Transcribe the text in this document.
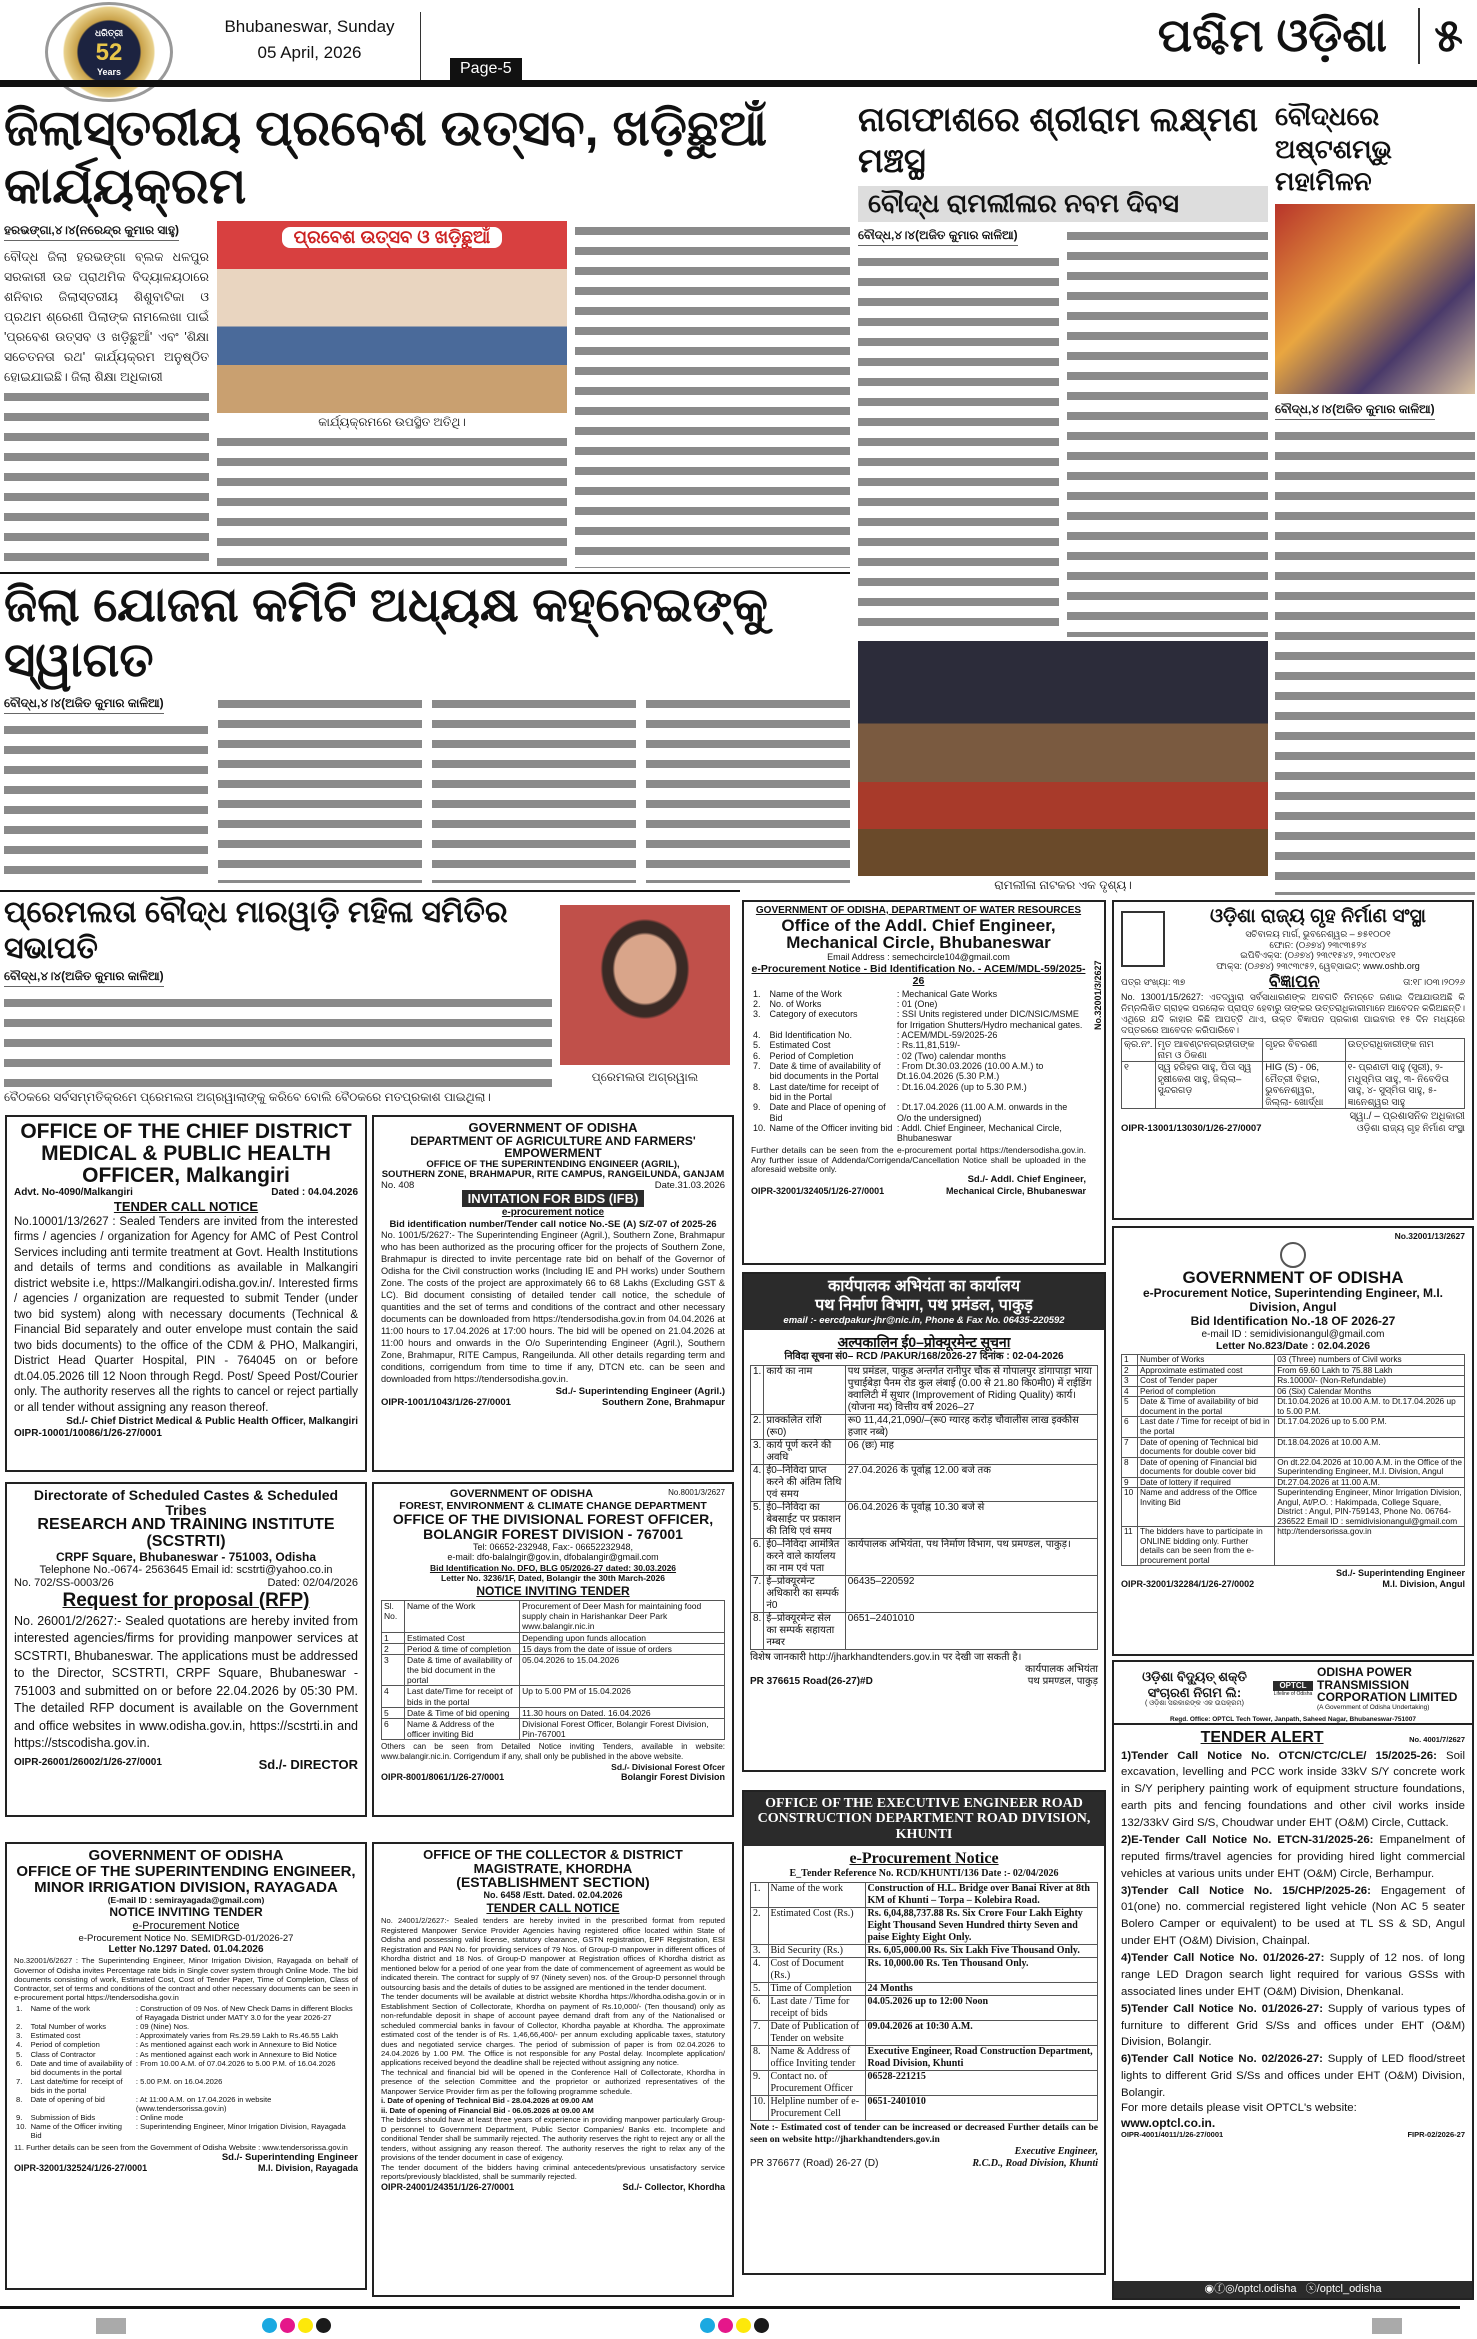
ଧରିତ୍ରୀ
52
Years
Bhubaneswar, Sunday
05 April, 2026
Page-5
ପଶ୍ଚିମ ଓଡ଼ିଶା	୫
ଜିଲାସ୍ତରୀୟ ପ୍ରବେଶ ଉତ୍ସବ, ଖଡ଼ିଛୁଆଁ କାର୍ଯ୍ୟକ୍ରମ
ହରଭଙ୍ଗା,୪।୪(ନରେନ୍ଦ୍ର କୁମାର ସାହୁ)
ବୌଦ୍ଧ ଜିଲା ହରଭଙ୍ଗା ବ୍ଲକ ଧଳପୁର ସରକାରୀ ଉଚ୍ଚ ପ୍ରାଥମିକ ବିଦ୍ୟାଳୟଠାରେ ଶନିବାର ଜିଲାସ୍ତରୀୟ ଶିଶୁବାଟିକା ଓ ପ୍ରଥମ ଶ୍ରେଣୀ ପିଲାଙ୍କ ନାମଲେଖା ପାଇଁ 'ପ୍ରବେଶ ଉତ୍ସବ ଓ ଖଡ଼ିଛୁଆଁ' ଏବଂ 'ଶିକ୍ଷା ସଚେତନତା ରଥ' କାର୍ଯ୍ୟକ୍ରମ ଅନୁଷ୍ଠିତ ହୋଇଯାଇଛି। ଜିଲା ଶିକ୍ଷା ଅଧିକାରୀ
ପ୍ରବେଶ ଉତ୍ସବ ଓ ଖଡ଼ିଛୁଆଁ
କାର୍ଯ୍ୟକ୍ରମରେ ଉପସ୍ଥିତ ଅତିଥି।
ନାଗଫାଶରେ ଶ୍ରୀରାମ ଲକ୍ଷ୍ମଣ ମଞ୍ଚସ୍ଥ
ବୌଦ୍ଧ ରାମଲୀଳାର ନବମ ଦିବସ
ବୌଦ୍ଧ,୪।୪(ଅଜିତ କୁମାର କାଳିଆ)
ରାମଲୀଳା ନାଟକର ଏକ ଦୃଶ୍ୟ।
ବୌଦ୍ଧରେ ଅଷ୍ଟଶମ୍ଭୁ ମହାମିଳନ
ବୌଦ୍ଧ,୪।୪(ଅଜିତ କୁମାର କାଳିଆ)
ଜିଲା ଯୋଜନା କମିଟି ଅଧ୍ୟକ୍ଷ କହ୍ନେଇଙ୍କୁ ସ୍ୱାଗତ
ବୌଦ୍ଧ,୪।୪(ଅଜିତ କୁମାର କାଳିଆ)
ପ୍ରେମଲତା ବୌଦ୍ଧ ମାରୱାଡ଼ି ମହିଳା ସମିତିର ସଭାପତି
ବୌଦ୍ଧ,୪।୪(ଅଜିତ କୁମାର କାଳିଆ)
ବୈଠକରେ ସର୍ବସମ୍ମତିକ୍ରମେ ପ୍ରେମଲତା ଅଗ୍ରୱାଲାଙ୍କୁ କରିବେ ବୋଲି ବୈଠକରେ ମତପ୍ରକାଶ ପାଇଥିଲା।
ପ୍ରେମଲତା ଅଗ୍ରୱାଲ
OFFICE OF THE CHIEF DISTRICT MEDICAL & PUBLIC HEALTH OFFICER, Malkangiri
Advt. No-4090/Malkangiri	Dated : 04.04.2026
TENDER CALL NOTICE

No.10001/13/2627 : Sealed Tenders are invited from the interested firms / agencies / organization for Agency for AMC of Pest Control Services including anti termite treatment at Govt. Health Institutions and details of terms and conditions as available in Malkangiri district website i.e, https://Malkangiri.odisha.gov.in/. Interested firms / agencies / organization are requested to submit Tender (under two bid system) along with necessary documents (Technical & Financial Bid separately and outer envelope must contain the said two bids documents) to the office of the CDM & PHO, Malkangiri, District Head Quarter Hospital, PIN - 764045 on or before dt.04.05.2026 till 12 Noon through Regd. Post/ Speed Post/Courier only. The authority reserves all the rights to cancel or reject partially or all tender without assigning any reason thereof.

Sd./- Chief District Medical & Public Health Officer, Malkangiri
OIPR-10001/10086/1/26-27/0001
GOVERNMENT OF ODISHA
DEPARTMENT OF AGRICULTURE AND FARMERS' EMPOWERMENT
OFFICE OF THE SUPERINTENDING ENGINEER (AGRIL),
SOUTHERN ZONE, BRAHMAPUR, RITE CAMPUS, RANGEILUNDA, GANJAM
No. 408	Date.31.03.2026
INVITATION FOR BIDS (IFB)
e-procurement notice
Bid identification number/Tender call notice No.-SE (A) S/Z-07 of 2025-26

No. 1001/5/2627:- The Superintending Engineer (Agril.), Southern Zone, Brahmapur who has been authorized as the procuring officer for the projects of Southern Zone, Brahmapur is directed to invite percentage rate bid on behalf of the Governor of Odisha for the Civil construction works (Including IE and PH works) under Southern Zone. The costs of the project are approximately 66 to 68 Lakhs (Excluding GST & LC). Bid document consisting of detailed tender call notice, the schedule of quantities and the set of terms and conditions of the contract and other necessary documents can be downloaded from https://tendersodisha.gov.in from 04.04.2026 at 11:00 hours to 17.04.2026 at 17:00 hours. The bid will be opened on 21.04.2026 at 11:00 hours and onwards in the O/o Superintending Engineer (Agril.), Southern Zone, Brahmapur, RITE Campus, Rangeilunda. All other details regarding term and conditions, corrigendum from time to time if any, DTCN etc. can be seen and downloaded from https://tendersodisha.gov.in.

Sd./- Superintending Engineer (Agril.)
OIPR-1001/1043/1/26-27/0001	Southern Zone, Brahmapur
GOVERNMENT OF ODISHA, DEPARTMENT OF WATER RESOURCES
Office of the Addl. Chief Engineer, Mechanical Circle, Bhubaneswar
Email Address : semechcircle104@gmail.com
e-Procurement Notice - Bid Identification No. - ACEM/MDL-59/2025-26
1.	Name of the Work	: Mechanical Gate Works
2.	No. of Works	: 01 (One)
3.	Category of executors	: SSI Units registered under DIC/NSIC/MSME for Irrigation Shutters/Hydro mechanical gates.
4.	Bid Identification No.	: ACEM/MDL-59/2025-26
5.	Estimated Cost	: Rs.11,81,519/-
6.	Period of Completion	: 02 (Two) calendar months
7.	Date & time of availability of bid documents in the Portal	: From Dt.30.03.2026 (10.00 A.M.) to Dt.16.04.2026 (5.30 P.M.)
8.	Last date/time for receipt of bid in the Portal	: Dt.16.04.2026 (up to 5.30 P.M.)
9.	Date and Place of opening of Bid	: Dt.17.04.2026 (11.00 A.M. onwards in the O/o the undersigned)
10.	Name of the Officer inviting bid	: Addl. Chief Engineer, Mechanical Circle, Bhubaneswar

Further details can be seen from the e-procurement portal https://tendersodisha.gov.in. Any further issue of Addenda/Corrigenda/Cancellation Notice shall be uploaded in the aforesaid website only.

Sd./- Addl. Chief Engineer,
OIPR-32001/32405/1/26-27/0001	Mechanical Circle, Bhubaneswar
No.32001/3/2627
ଓଡ଼ିଶା ରାଜ୍ୟ ଗୃହ ନିର୍ମାଣ ସଂସ୍ଥା
ସଚିବାଳୟ ମାର୍ଗ, ଭୁବନେଶ୍ୱର – ୭୫୧୦୦୧
ଫୋନ: (୦୬୭୪) ୨୩୯୩୫୨୪
ଇପିବିଏକ୍ସ: (୦୬୭୪) ୨୩୯୧୫୪୨, ୨୩୯୦୧୪୧
ଫାକ୍ସ: (୦୬୭୪) ୨୩୯୩୯୫୨, ୱେବ୍‌ସାଇଟ୍: www.oshb.org
ପତ୍ର ସଂଖ୍ୟା: ୩୭	ବିଜ୍ଞାପନ	ତା:୧୮।୦୩।୨୦୨୬

No. 13001/15/2627: ଏତଦ୍ୱାରା ସର୍ବସାଧାରଣଙ୍କ ଅବଗତି ନିମନ୍ତେ ଜଣାଇ ଦିଆଯାଉଅଛି କି ନିମ୍ନଲିଖିତ ଗ୍ରାହକ ପରଲୋକ ପ୍ରାପ୍ତ ହେବାରୁ ତାଙ୍କର ଉତ୍ତରାଧିକାରୀମାନେ ଆବେଦନ କରିଅଛନ୍ତି। ଏଥିରେ ଯଦି କାହାର କିଛି ଆପତ୍ତି ଥାଏ, ଉକ୍ତ ବିଜ୍ଞାପନ ପ୍ରକାଶ ପାଇବାର ୧୫ ଦିନ ମଧ୍ୟରେ ଦପ୍ତରରେ ଆବେଦନ କରିପାରିବେ।

କ୍ର.ନଂ.	ମୃତ ଆବଣ୍ଟନଗ୍ରହୀତାଙ୍କ ନାମ ଓ ଠିକଣା	ଗୃହର ବିବରଣୀ	ଉତ୍ତରାଧିକାରୀଙ୍କ ନାମ
୧	ସ୍ୱ ହରିହର ସାହୁ, ପିତା ସ୍ୱ ହୃଷୀକେଶ ସାହୁ, ଜିଲ୍ଲା– ସୁନ୍ଦରଗଡ଼	HIG (S) - 06, ମୈତ୍ରୀ ବିହାର, ଭୁବନେଶ୍ୱର, ଜିଲ୍ଲା- ଖୋର୍ଦ୍ଧା	୧- ପ୍ରଣତୀ ସାହୁ (ସ୍ତ୍ରୀ), ୨- ମଧୁସ୍ମିତା ସାହୁ, ୩- ନିବେଦିତା ସାହୁ, ୪- ସୁସ୍ମିତା ସାହୁ, ୫- ଜ୍ଞାନେଶ୍ୱର ସାହୁ
ସ୍ୱା./ – ପ୍ରଶାସନିକ ଅଧିକାରୀ
OIPR-13001/13030/1/26-27/0007	ଓଡ଼ିଶା ରାଜ୍ୟ ଗୃହ ନିର୍ମାଣ ସଂସ୍ଥା
Directorate of Scheduled Castes & Scheduled Tribes
RESEARCH AND TRAINING INSTITUTE (SCSTRTI)
CRPF Square, Bhubaneswar - 751003, Odisha
Telephone No.-0674- 2563645 Email id: scstrti@yahoo.co.in
No. 702/SS-0003/26	Dated: 02/04/2026
Request for proposal (RFP)

No. 26001/2/2627:- Sealed quotations are hereby invited from interested agencies/firms for providing manpower services at SCSTRTI, Bhubaneswar. The applications must be addressed to the Director, SCSTRTI, CRPF Square, Bhubaneswar - 751003 and submitted on or before 22.04.2026 by 05:30 PM. The detailed RFP document is available on the Government and office websites in www.odisha.gov.in, https://scstrti.in and https://stscodisha.gov.in.

OIPR-26001/26002/1/26-27/0001	Sd./- DIRECTOR
GOVERNMENT OF ODISHA	No.8001/3/2627
FOREST, ENVIRONMENT & CLIMATE CHANGE DEPARTMENT
OFFICE OF THE DIVISIONAL FOREST OFFICER, BOLANGIR FOREST DIVISION - 767001
Tel: 06652-232948, Fax:- 06652232948,
e-mail: dfo-balalngir@gov.in, dfobalangir@gmail.com
Bid Identification No. DFO, BLG 05/2026-27 dated: 30.03.2026
Letter No. 3236/1F, Dated, Bolangir the 30th March-2026
NOTICE INVITING TENDER
Sl. No.	Name of the Work	Procurement of Deer Mash for maintaining food supply chain in Harishankar Deer Park www.balangir.nic.in
1	Estimated Cost	Depending upon funds allocation
2	Period & time of completion	15 days from the date of issue of orders
3	Date & time of availability of the bid document in the portal	05.04.2026 to 15.04.2026
4	Last date/Time for receipt of bids in the portal	Up to 5.00 PM of 15.04.2026
5	Date & Time of bid opening	11.30 hours on Dated. 16.04.2026
6	Name & Address of the officer inviting Bid	Divisional Forest Officer, Bolangir Forest Division, Pin-767001

Others can be seen from Detailed Notice inviting Tenders, available in website: www.balangir.nic.in. Corrigendum if any, shall only be published in the above website.

Sd./- Divisional Forest Ofcer
OIPR-8001/8061/1/26-27/0001	Bolangir Forest Division
कार्यपालक अभियंता का कार्यालय
पथ निर्माण विभाग, पथ प्रमंडल, पाकुड़
email :- eercdpakur-jhr@nic.in, Phone & Fax No. 06435-220592
अल्पकालिन ई0–प्रोक्यूरमेन्ट सूचना
निविदा सूचना सं0– RCD /PAKUR/168/2026-27 दिनांक : 02-04-2026
1.	कार्य का नाम	पथ प्रमंडल, पाकुड अन्तर्गत रानीपुर चौक से गोपालपुर डांगापाड़ा भाया पुचाईबेड़ा पैनम रोड कुल लंबाई (0.00 से 21.80 कि0मी0) में राईडिंग क्वालिटी में सुधार (Improvement of Riding Quality) कार्य। (योजना मद) वित्तीय वर्ष 2026–27
2.	प्राक्कलित राशि (रू0)	रू0 11,44,21,090/–(रू0 ग्यारह करोड़ चौवालीस लाख इक्कीस हजार नब्बे)
3.	कार्य पूर्ण करने की अवधि	06 (छः) माह
4.	ई0–निविदा प्राप्त करने की अंतिम तिथि एवं समय	27.04.2026 के पूर्वाह्न 12.00 बजे तक
5.	ई0–निविदा का बेबसाईट पर प्रकाशन की तिथि एवं समय	06.04.2026 के पूर्वाह्न 10.30 बजे से
6.	ई0–निविदा आमंत्रित करने वाले कार्यालय का नाम एवं पता	कार्यपालक अभियंता, पथ निर्माण विभाग, पथ प्रमण्डल, पाकुड़।
7.	ई–प्रोक्यूरमेन्ट अधिकारी का सम्पर्क नं0	06435–220592
8.	ई–प्रोक्यूरमेन्ट सेल का सम्पर्क सहायता नम्बर	0651–2401010

विशेष जानकारी http://jharkhandtenders.gov.in पर देखी जा सकती है।

कार्यपालक अभियंता
PR 376615 Road(26-27)#D	पथ प्रमण्डल, पाकुड़
No.32001/13/2627
GOVERNMENT OF ODISHA
e-Procurement Notice, Superintending Engineer, M.I. Division, Angul
Bid Identification No.-18 OF 2026-27
e-mail ID : semidivisionangul@gmail.com
Letter No.823/Date : 02.04.2026
1	Number of Works	03 (Three) numbers of Civil works
2	Approximate estimated cost	From 69.60 Lakh to 75.88 Lakh
3	Cost of Tender paper	Rs.10000/- (Non-Refundable)
4	Period of completion	06 (Six) Calendar Months
5	Date & Time of availability of bid document in the portal	Dt.10.04.2026 at 10.00 A.M. to Dt.17.04.2026 up to 5.00 P.M.
6	Last date / Time for receipt of bid in the portal	Dt.17.04.2026 up to 5.00 P.M.
7	Date of opening of Technical bid documents for double cover bid	Dt.18.04.2026 at 10.00 A.M.
8	Date of opening of Financial bid documents for double cover bid	On dt.22.04.2026 at 10.00 A.M. in the Office of the Superintending Engineer, M.I. Division, Angul
9	Date of lottery if required	Dt.27.04.2026 at 11.00 A.M.
10	Name and address of the Office Inviting Bid	Superintending Engineer, Minor Irrigation Division, Angul, At/P.O. : Hakimpada, College Square, District : Angul, PIN-759143, Phone No. 06764-236522 Email ID : semidivisionangul@gmail.com
11	The bidders have to participate in ONLINE bidding only. Further details can be seen from the e-procurement portal	http://tendersorissa.gov.in
Sd./- Superintending Engineer
OIPR-32001/32284/1/26-27/0002	M.I. Division, Angul
GOVERNMENT OF ODISHA
OFFICE OF THE SUPERINTENDING ENGINEER, MINOR IRRIGATION DIVISION, RAYAGADA
(E-mail ID : semirayagada@gmail.com)
NOTICE INVITING TENDER
e-Procurement Notice
e-Procurement Notice No. SEMIDRGD-01/2026-27
Letter No.1297 Dated. 01.04.2026

No.32001/6/2627 : The Superintending Engineer, Minor Irrigation Division, Rayagada on behalf of Governor of Odisha invites Percentage rate bids in Single cover system through Online Mode. The bid documents consisting of work, Estimated Cost, Cost of Tender Paper, Time of Completion, Class of Contractor, set of terms and conditions of the contract and other necessary documents can be seen in e-procurement portal https://tendersodisha.gov.in

1.	Name of the work	: Construction of 09 Nos. of New Check Dams in different Blocks of Rayagada District under MATY 3.0 for the year 2026-27
2.	Total Number of works	: 09 (Nine) Nos.
3.	Estimated cost	: Approximately varies from Rs.29.59 Lakh to Rs.46.55 Lakh
4.	Period of completion	: As mentioned against each work in Annexure to Bid Notice
5.	Class of Contractor	: As mentioned against each work in Annexure to Bid Notice
6.	Date and time of availability of bid documents in the portal	: From 10.00 A.M. of 07.04.2026 to 5.00 P.M. of 16.04.2026
7.	Last date/time for receipt of bids in the portal	: 5.00 P.M. on 16.04.2026
8.	Date of opening of bid	: At 11:00 A.M. on 17.04.2026 in website (www.tendersorissa.gov.in)
9.	Submission of Bids	: Online mode
10.	Name of the Officer inviting Bid	: Superintending Engineer, Minor Irrigation Division, Rayagada
11. Further details can be seen from the Government of Odisha Website : www.tendersorissa.gov.in
Sd./- Superintending Engineer
OIPR-32001/32524/1/26-27/0001	M.I. Division, Rayagada
OFFICE OF THE COLLECTOR & DISTRICT MAGISTRATE, KHORDHA
(ESTABLISHMENT SECTION)
No. 6458 /Estt. Dated. 02.04.2026
TENDER CALL NOTICE

No. 24001/2/2627:- Sealed tenders are hereby invited in the prescribed format from reputed Registered Manpower Service Provider Agencies having registered office located within State of Odisha and possessing valid license, statutory clearance, GSTN registration, EPF Registration, ESI Registration and PAN No. for providing services of 79 Nos. of Group-D manpower in different offices of Khordha district and 18 Nos. of Group-D manpower at Registration offices of Khordha district as mentioned below for a period of one year from the date of commencement of agreement as would be indicated therein. The contract for supply of 97 (Ninety seven) nos. of the Group-D personnel through outsourcing basis and the details of duties to be assigned are mentioned in the tender document.

The tender documents will be available at district website Khordha https://khordha.odisha.gov.in or in Establishment Section of Collectorate, Khordha on payment of Rs.10,000/- (Ten thousand) only as non-refundable deposit in shape of account payee demand draft from any of the Nationalised or scheduled commercial banks in favour of Collector, Khordha payable at Khordha. The approximate estimated cost of the tender is of Rs. 1,46,66,400/- per annum excluding applicable taxes, statutory dues and negotiated service charges. The period of submission of paper is from 02.04.2026 to 24.04.2026 by 1.00 PM. The Office is not responsible for any Postal delay. Incomplete application/ applications received beyond the deadline shall be rejected without assigning any notice.

The technical and financial bid will be opened in the Conference Hall of Collectorate, Khordha in presence of the selection Committee and the proprietor or authorized representatives of the Manpower Service Provider firm as per the following programme schedule.

i. Date of opening of Technical Bid - 28.04.2026 at 09.00 AM
ii. Date of opening of Financial Bid - 06.05.2026 at 09.00 AM

The bidders should have at least three years of experience in providing manpower particularly Group-D personnel to Government Department, Public Sector Companies/ Banks etc. Incomplete and conditional Tender shall be summarily rejected. The authority reserves the right to reject any or all the tenders, without assigning any reason thereof. The authority reserves the right to relax any of the provisions of the tender document in case of exigency.

The tender document of the bidders having criminal antecedents/previous unsatisfactory service reports/previously blacklisted, shall be summarily rejected.

OIPR-24001/24351/1/26-27/0001	Sd./- Collector, Khordha
OFFICE OF THE EXECUTIVE ENGINEER ROAD CONSTRUCTION DEPARTMENT ROAD DIVISION, KHUNTI
e-Procurement Notice
E_Tender Reference No. RCD/KHUNTI/136 Date :- 02/04/2026
1.	Name of the work	Construction of H.L. Bridge over Banai River at 8th KM of Khunti – Torpa – Kolebira Road.
2.	Estimated Cost (Rs.)	Rs. 6,04,88,737.88 Rs. Six Crore Four Lakh Eighty Eight Thousand Seven Hundred thirty Seven and paise Eighty Eight Only.
3.	Bid Security (Rs.)	Rs. 6,05,000.00 Rs. Six Lakh Five Thousand Only.
4.	Cost of Document (Rs.)	Rs. 10,000.00 Rs. Ten Thousand Only.
5.	Time of Completion	24 Months
6.	Last date / Time for receipt of bids	04.05.2026 up to 12:00 Noon
7.	Date of Publication of Tender on website	09.04.2026 at 10:30 A.M.
8.	Name & Address of office Inviting tender	Executive Engineer, Road Construction Department, Road Division, Khunti
9.	Contact no. of Procurement Officer	06528-221215
10.	Helpline number of e-Procurement Cell	0651-2401010

Note :- Estimated cost of tender can be increased or decreased Further details can be seen on website http://jharkhandtenders.gov.in

Executive Engineer,
PR 376677 (Road) 26-27 (D)	R.C.D., Road Division, Khunti
ଓଡ଼ିଶା ବିଦ୍ୟୁତ୍ ଶକ୍ତି ସଂଚାରଣ ନିଗମ ଲି:
( ଓଡ଼ିଶା ସରକାରଙ୍କ ଏକ ଉପକ୍ରମ)
OPTCL
Lifeline of Odisha
ODISHA POWER TRANSMISSION CORPORATION LIMITED
(A Government of Odisha Undertaking)
Regd. Office: OPTCL Tech Tower, Janpath, Saheed Nagar, Bhubaneswar-751007
TENDER ALERT	No. 4001/7/2627
1)Tender Call Notice No. OTCN/CTC/CLE/ 15/2025-26: Soil excavation, levelling and PCC work inside 33kV S/Y concrete work in S/Y periphery painting work of equipment structure foundations, earth pits and fencing foundations and other civil works inside 132/33kV Gird S/S, Choudwar under EHT (O&M) Circle, Cuttack.
2)E-Tender Call Notice No. ETCN-31/2025-26: Empanelment of reputed firms/travel agencies for providing hired light commercial vehicles at various units under EHT (O&M) Circle, Berhampur.
3)Tender Call Notice No. 15/CHP/2025-26: Engagement of 01(one) no. commercial registered light vehicle (Non AC 5 seater Bolero Camper or equivalent) to be used at TL SS & SD, Angul under EHT (O&M) Division, Chainpal.
4)Tender Call Notice No. 01/2026-27: Supply of 12 nos. of long range LED Dragon search light required for various GSSs with associated lines under EHT (O&M) Division, Dhenkanal.
5)Tender Call Notice No. 01/2026-27: Supply of various types of furniture to different Grid S/Ss and offices under EHT (O&M) Division, Bolangir.
6)Tender Call Notice No. 02/2026-27: Supply of LED flood/street lights to different Grid S/Ss and offices under EHT (O&M) Division, Bolangir.
For more details please visit OPTCL's website:
www.optcl.co.in.
OIPR-4001/4011/1/26-27/0001	FIPR-02/2026-27
◉ⓕ◎/optcl.odisha ⓧ/optcl_odisha
